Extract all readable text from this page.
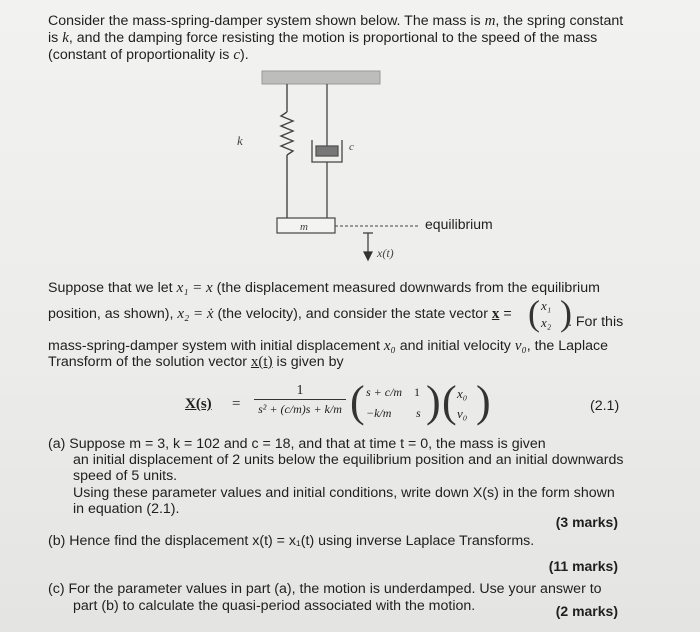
Consider the mass-spring-damper system shown below. The mass is m, the spring constant
is k, and the damping force resisting the motion is proportional to the speed of the mass
(constant of proportionality is c).
k	c
m
x(t)
equilibrium
Suppose that we let x₁ = x (the displacement measured downwards from the equilibrium
position, as shown), x₂ = ẋ (the velocity), and consider the state vector x = ( x₁
x₂ )
. For this
mass-spring-damper system with initial displacement x₀ and initial velocity v₀, the Laplace
Transform of the solution vector x(t) is given by
$X(s) = \frac{1}{\text{s² + (c/m)s + k/m}}$ ( s + c/m 1
−k/m s ) ( x₀
v₀ )	(2.1)
(a) Suppose m = 3, k = 102 and c = 18, and that at time t = 0, the mass is given
an initial displacement of 2 units below the equilibrium position and an initial downwards
speed of 5 units.
Using these parameter values and initial conditions, write down X(s) in the form shown
in equation (2.1).
(3 marks)
(b) Hence find the displacement x(t) = x₁(t) using inverse Laplace Transforms.
(11 marks)
(c) For the parameter values in part (a), the motion is underdamped. Use your answer to
part (b) to calculate the quasi-period associated with the motion.	(2 marks)
